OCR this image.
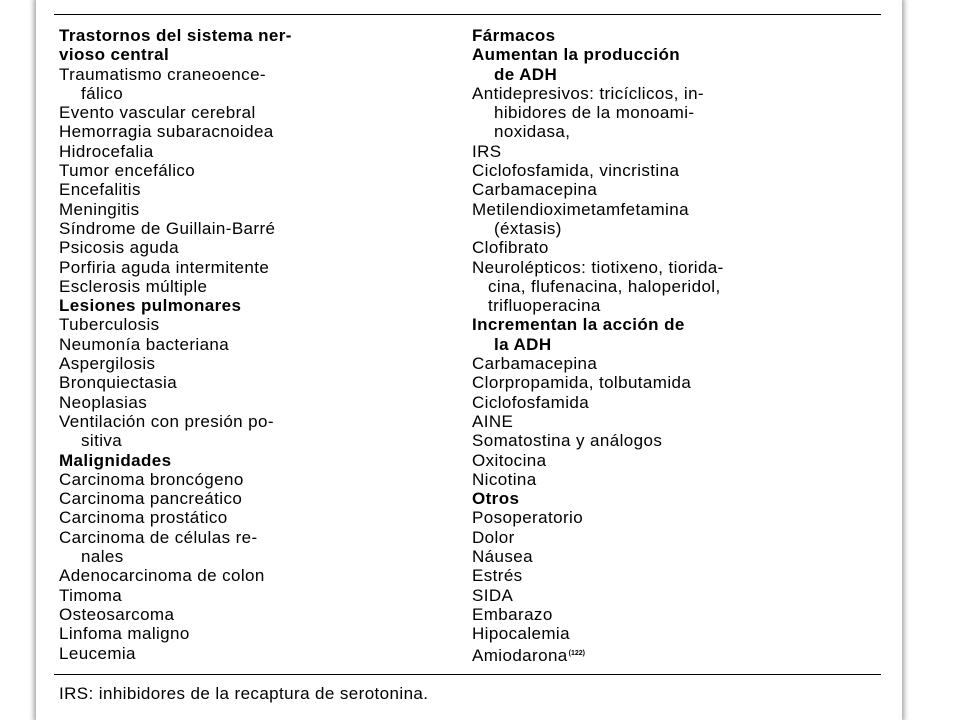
Trastornos del sistema ner-
vioso central
Traumatismo craneoence-
fálico
Evento vascular cerebral
Hemorragia subaracnoidea
Hidrocefalia
Tumor encefálico
Encefalitis
Meningitis
Síndrome de Guillain-Barré
Psicosis aguda
Porfiria aguda intermitente
Esclerosis múltiple
Lesiones pulmonares
Tuberculosis
Neumonía bacteriana
Aspergilosis
Bronquiectasia
Neoplasias
Ventilación con presión po-
sitiva
Malignidades
Carcinoma broncógeno
Carcinoma pancreático
Carcinoma prostático
Carcinoma de células re-
nales
Adenocarcinoma de colon
Timoma
Osteosarcoma
Linfoma maligno
Leucemia
Fármacos
Aumentan la producción
de ADH
Antidepresivos: tricíclicos, in-
hibidores de la monoami-
noxidasa,
IRS
Ciclofosfamida, vincristina
Carbamacepina
Metilendioximetamfetamina
(éxtasis)
Clofibrato
Neurolépticos: tiotixeno, tiorida-
cina, flufenacina, haloperidol,
trifluoperacina
Incrementan la acción de
la ADH
Carbamacepina
Clorpropamida, tolbutamida
Ciclofosfamida
AINE
Somatostina y análogos
Oxitocina
Nicotina
Otros
Posoperatorio
Dolor
Náusea
Estrés
SIDA
Embarazo
Hipocalemia
Amiodarona$^{(122)}$
IRS: inhibidores de la recaptura de serotonina.
